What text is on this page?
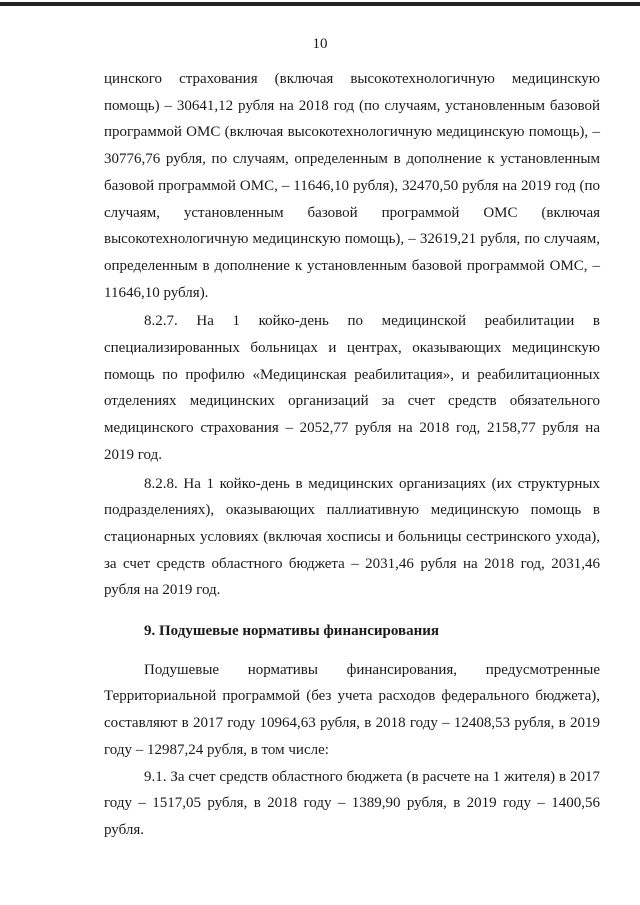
10

цинского страхования (включая высокотехнологичную медицинскую помощь) – 30641,12 рубля на 2018 год (по случаям, установленным базовой программой ОМС (включая высокотехнологичную медицинскую помощь), – 30776,76 рубля, по случаям, определенным в дополнение к установленным базовой программой ОМС, – 11646,10 рубля), 32470,50 рубля на 2019 год (по случаям, установленным базовой программой ОМС (включая высокотехнологичную медицинскую помощь), – 32619,21 рубля, по случаям, определенным в дополнение к установленным базовой программой ОМС, – 11646,10 рубля).

8.2.7. На 1 койко-день по медицинской реабилитации в специализированных больницах и центрах, оказывающих медицинскую помощь по профилю «Медицинская реабилитация», и реабилитационных отделениях медицинских организаций за счет средств обязательного медицинского страхования – 2052,77 рубля на 2018 год, 2158,77 рубля на 2019 год.

8.2.8. На 1 койко-день в медицинских организациях (их структурных подразделениях), оказывающих паллиативную медицинскую помощь в стационарных условиях (включая хосписы и больницы сестринского ухода), за счет средств областного бюджета – 2031,46 рубля на 2018 год, 2031,46 рубля на 2019 год.

9. Подушевые нормативы финансирования

Подушевые нормативы финансирования, предусмотренные Территориальной программой (без учета расходов федерального бюджета), составляют в 2017 году 10964,63 рубля, в 2018 году – 12408,53 рубля, в 2019 году – 12987,24 рубля, в том числе:

9.1. За счет средств областного бюджета (в расчете на 1 жителя) в 2017 году – 1517,05 рубля, в 2018 году – 1389,90 рубля, в 2019 году – 1400,56 рубля.
